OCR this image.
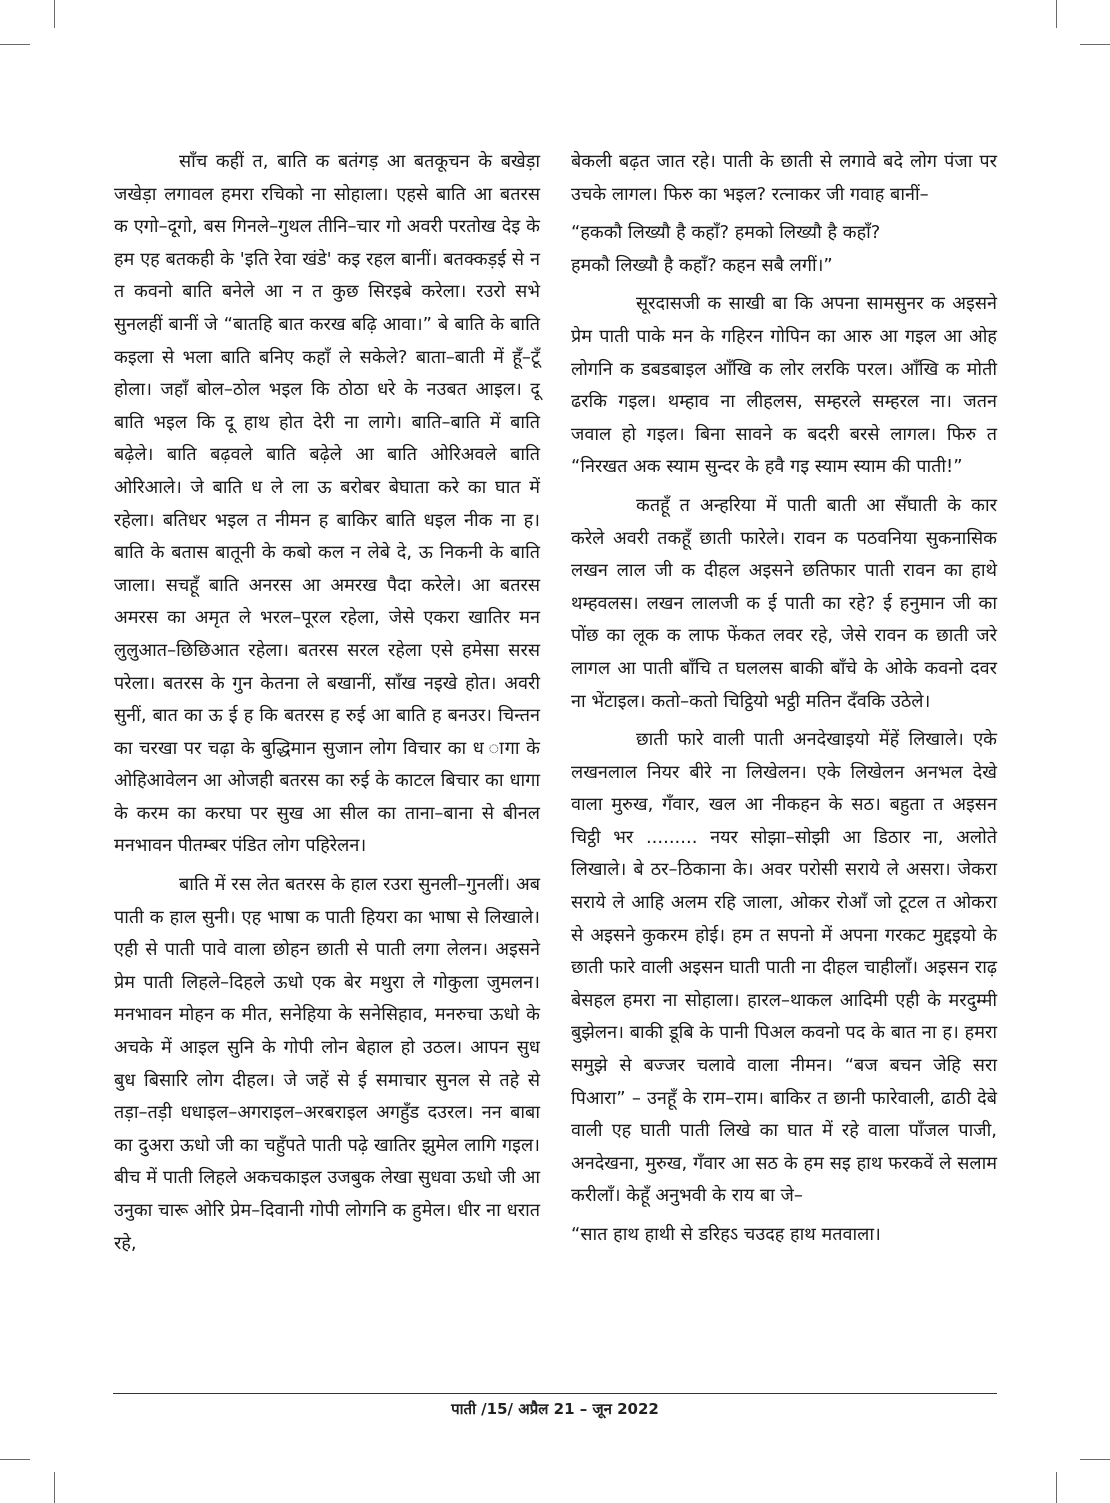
साँच कहीं त, बाति क बतंगड़ आ बतकूचन के बखेड़ा जखेड़ा लगावल हमरा रचिको ना सोहाला। एहसे बाति आ बतरस क एगो–दूगो, बस गिनले–गुथल तीनि–चार गो अवरी परतोख देइ के हम एह बतकही के 'इति रेवा खंडे' कइ रहल बानीं। बतक्कड़ई से न त कवनो बाति बनेले आ न त कुछ सिरइबे करेला। रउरो सभे सुनलहीं बानीं जे “बातहि बात करख बढ़ि आवा।” बे बाति के बाति कइला से भला बाति बनिए कहाँ ले सकेले? बाता–बाती में हूँ–टूँ होला। जहाँ बोल–ठोल भइल कि ठोठा धरे के नउबत आइल। दू बाति भइल कि दू हाथ होत देरी ना लागे। बाति–बाति में बाति बढ़ेले। बाति बढ़वले बाति बढ़ेले आ बाति ओरिअवले बाति ओरिआले। जे बाति ध ले ला ऊ बरोबर बेघाता करे का घात में रहेला। बतिधर भइल त नीमन ह बाकिर बाति धइल नीक ना ह। बाति के बतास बातूनी के कबो कल न लेबे दे, ऊ निकनी के बाति जाला। सचहूँ बाति अनरस आ अमरख पैदा करेले। आ बतरस अमरस का अमृत ले भरल–पूरल रहेला, जेसे एकरा खातिर मन लुलुआत–छिछिआत रहेला। बतरस सरल रहेला एसे हमेसा सरस परेला। बतरस के गुन केतना ले बखानीं, साँख नइखे होत। अवरी सुनीं, बात का ऊ ई ह कि बतरस ह रुई आ बाति ह बनउर। चिन्तन का चरखा पर चढ़ा के बुद्धिमान सुजान लोग विचार का ध ागा के ओहिआवेलन आ ओजही बतरस का रुई के काटल बिचार का धागा के करम का करघा पर सुख आ सील का ताना–बाना से बीनल मनभावन पीतम्बर पंडित लोग पहिरेलन।

बाति में रस लेत बतरस के हाल रउरा सुनली–गुनलीं। अब पाती क हाल सुनी। एह भाषा क पाती हियरा का भाषा से लिखाले। एही से पाती पावे वाला छोहन छाती से पाती लगा लेलन। अइसने प्रेम पाती लिहले–दिहले ऊधो एक बेर मथुरा ले गोकुला जुमलन। मनभावन मोहन क मीत, सनेहिया के सनेसिहाव, मनरुचा ऊधो के अचके में आइल सुनि के गोपी लोन बेहाल हो उठल। आपन सुध बुध बिसारि लोग दीहल। जे जहें से ई समाचार सुनल से तहे से तड़ा–तड़ी धधाइल–अगराइल–अरबराइल अगहुँड दउरल। नन बाबा का दुअरा ऊधो जी का चहुँपते पाती पढ़े खातिर झुमेल लागि गइल। बीच में पाती लिहले अकचकाइल उजबुक लेखा सुधवा ऊधो जी आ उनुका चारू ओरि प्रेम–दिवानी गोपी लोगनि क हुमेल। धीर ना धरात रहे,

बेकली बढ़त जात रहे। पाती के छाती से लगावे बदे लोग पंजा पर उचके लागल। फिरु का भइल? रत्नाकर जी गवाह बानीं–

“हककौ लिख्यौ है कहाँ? हमको लिख्यौ है कहाँ?

हमकौ लिख्यौ है कहाँ? कहन सबै लगीं।”

सूरदासजी क साखी बा कि अपना सामसुनर क अइसने प्रेम पाती पाके मन के गहिरन गोपिन का आरु आ गइल आ ओह लोगनि क डबडबाइल आँखि क लोर लरकि परल। आँखि क मोती ढरकि गइल। थम्हाव ना लीहलस, सम्हरले सम्हरल ना। जतन जवाल हो गइल। बिना सावने क बदरी बरसे लागल। फिरु त “निरखत अक स्याम सुन्दर के हवै गइ स्याम स्याम की पाती!”

कतहूँ त अन्हरिया में पाती बाती आ सँघाती के कार करेले अवरी तकहूँ छाती फारेले। रावन क पठवनिया सुकनासिक लखन लाल जी क दीहल अइसने छतिफार पाती रावन का हाथे थम्हवलस। लखन लालजी क ई पाती का रहे? ई हनुमान जी का पोंछ का लूक क लाफ फेंकत लवर रहे, जेसे रावन क छाती जरे लागल आ पाती बाँचि त घललस बाकी बाँचे के ओके कवनो दवर ना भेंटाइल। कतो–कतो चिट्ठियो भट्ठी मतिन दँवकि उठेले।

छाती फारे वाली पाती अनदेखाइयो मेंहें लिखाले। एके लखनलाल नियर बीरे ना लिखेलन। एके लिखेलन अनभल देखे वाला मुरुख, गँवार, खल आ नीकहन के सठ। बहुता त अइसन चिट्ठी भर ......... नयर सोझा–सोझी आ डिठार ना, अलोते लिखाले। बे ठर–ठिकाना के। अवर परोसी सराये ले असरा। जेकरा सराये ले आहि अलम रहि जाला, ओकर रोआँ जो टूटल त ओकरा से अइसने कुकरम होई। हम त सपनो में अपना गरकट मुद्दइयो के छाती फारे वाली अइसन घाती पाती ना दीहल चाहीलाँ। अइसन राढ़ बेसहल हमरा ना सोहाला। हारल–थाकल आदिमी एही के मरदुम्मी बुझेलन। बाकी डूबि के पानी पिअल कवनो पद के बात ना ह। हमरा समुझे से बज्जर चलावे वाला नीमन। “बज बचन जेहि सरा पिआरा” – उनहूँ के राम–राम। बाकिर त छानी फारेवाली, ढाठी देबे वाली एह घाती पाती लिखे का घात में रहे वाला पाँजल पाजी, अनदेखना, मुरुख, गँवार आ सठ के हम सइ हाथ फरकवें ले सलाम करीलाँ। केहूँ अनुभवी के राय बा जे–

“सात हाथ हाथी से डरिहऽ चउदह हाथ मतवाला।

पाती /15/ अप्रैल 21 – जून 2022
